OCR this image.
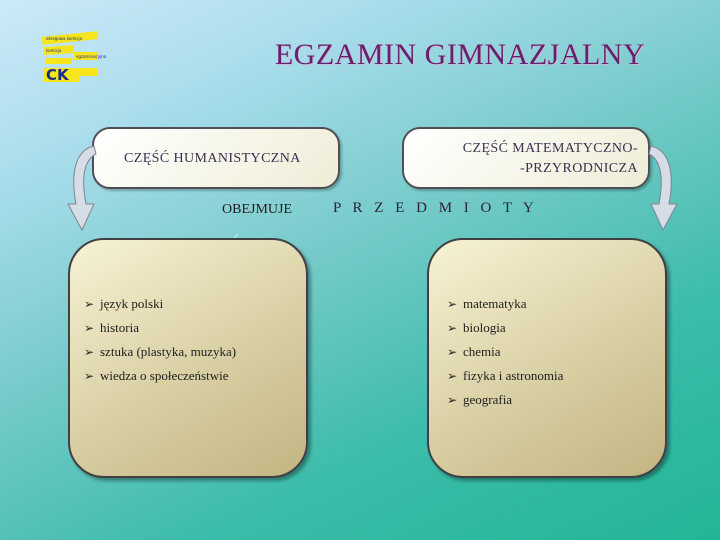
okregowa komisja
komisja
egzaminacyjna
CK
EGZAMIN GIMNAZJALNY
CZĘŚĆ HUMANISTYCZNA
CZĘŚĆ MATEMATYCZNO-
-PRZYRODNICZA
OBEJMUJE	P R Z E D M I O T Y
➢ język polski
➢ historia
➢ sztuka (plastyka, muzyka)
➢ wiedza o społeczeństwie
➢ matematyka
➢ biologia
➢ chemia
➢ fizyka i astronomia
➢ geografia
